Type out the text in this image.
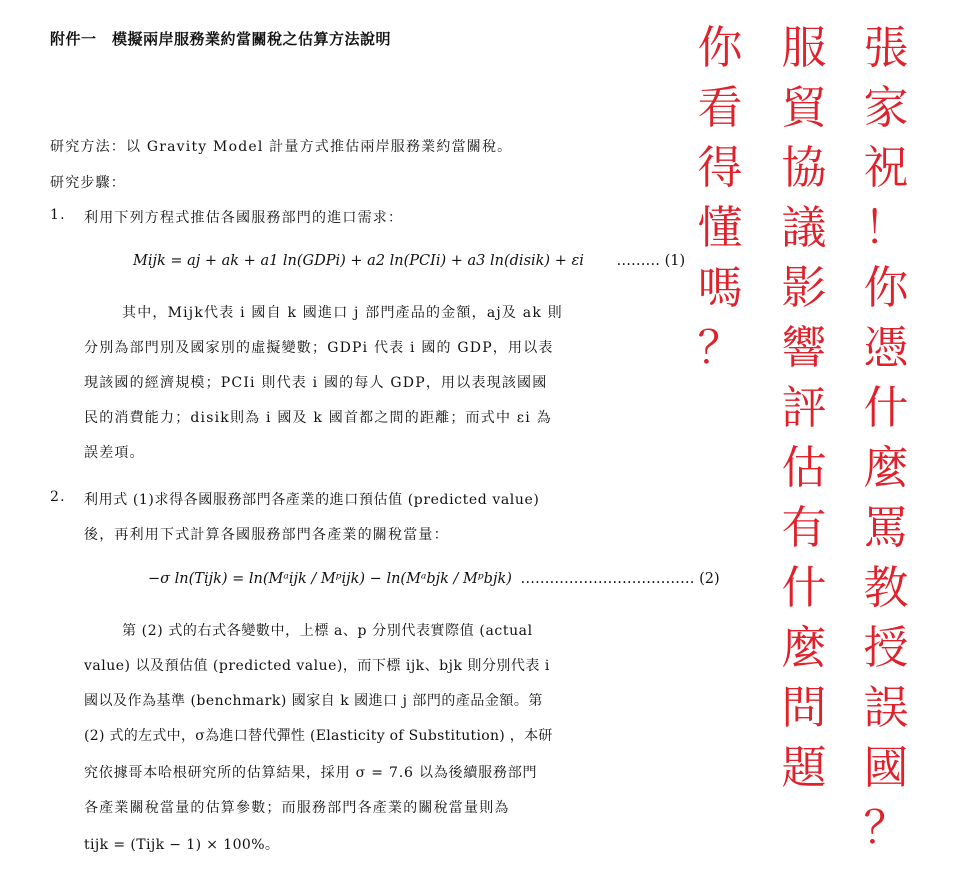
附件一　模擬兩岸服務業約當關稅之估算方法說明
研究方法：以 Gravity Model 計量方式推估兩岸服務業約當關稅。
研究步驟：
1. 利用下列方程式推估各國服務部門的進口需求：
Mijk = aj + ak + a1 ln(GDPi) + a2 ln(PCIi) + a3 ln(disik) + εi ……… (1)
其中，Mijk代表 i 國自 k 國進口 j 部門產品的金額，aj及 ak 則
分別為部門別及國家別的虛擬變數；GDPi 代表 i 國的 GDP，用以表
現該國的經濟規模；PCIi 則代表 i 國的每人 GDP，用以表現該國國
民的消費能力；disik則為 i 國及 k 國首都之間的距離；而式中 εi 為
誤差項。
2. 利用式 (1)求得各國服務部門各產業的進口預估值 (predicted value)
後，再利用下式計算各國服務部門各產業的關稅當量：
−σ ln(Tijk) = ln(Mᵃijk / Mᵖijk) − ln(Mᵃbjk / Mᵖbjk) ……………………………… (2)
第 (2) 式的右式各變數中，上標 a、p 分別代表實際值 (actual
value) 以及預估值 (predicted value)，而下標 ijk、bjk 則分別代表 i
國以及作為基準 (benchmark) 國家自 k 國進口 j 部門的產品金額。第
(2) 式的左式中，σ為進口替代彈性 (Elasticity of Substitution) ，本研
究依據哥本哈根研究所的估算結果，採用 σ = 7.6 以為後續服務部門
各產業關稅當量的估算參數；而服務部門各產業的關稅當量則為
tijk = (Tijk − 1) × 100%。
你
看
得
懂
嗎
？
服
貿
協
議
影
響
評
估
有
什
麼
問
題
張
家
祝
！
你
憑
什
麼
罵
教
授
誤
國
？
